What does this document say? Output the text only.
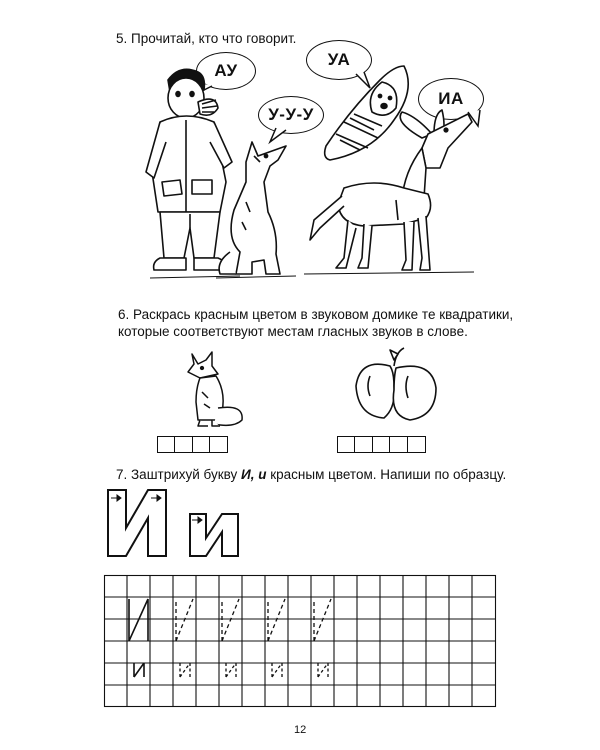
5. Прочитай, кто что говорит.
АУ
У-У-У
УА
ИА
6. Раскрась красным цветом в звуковом домике те квадратики,
которые соответствуют местам гласных звуков в слове.
7. Заштрихуй букву И, и красным цветом. Напиши по образцу.
12
